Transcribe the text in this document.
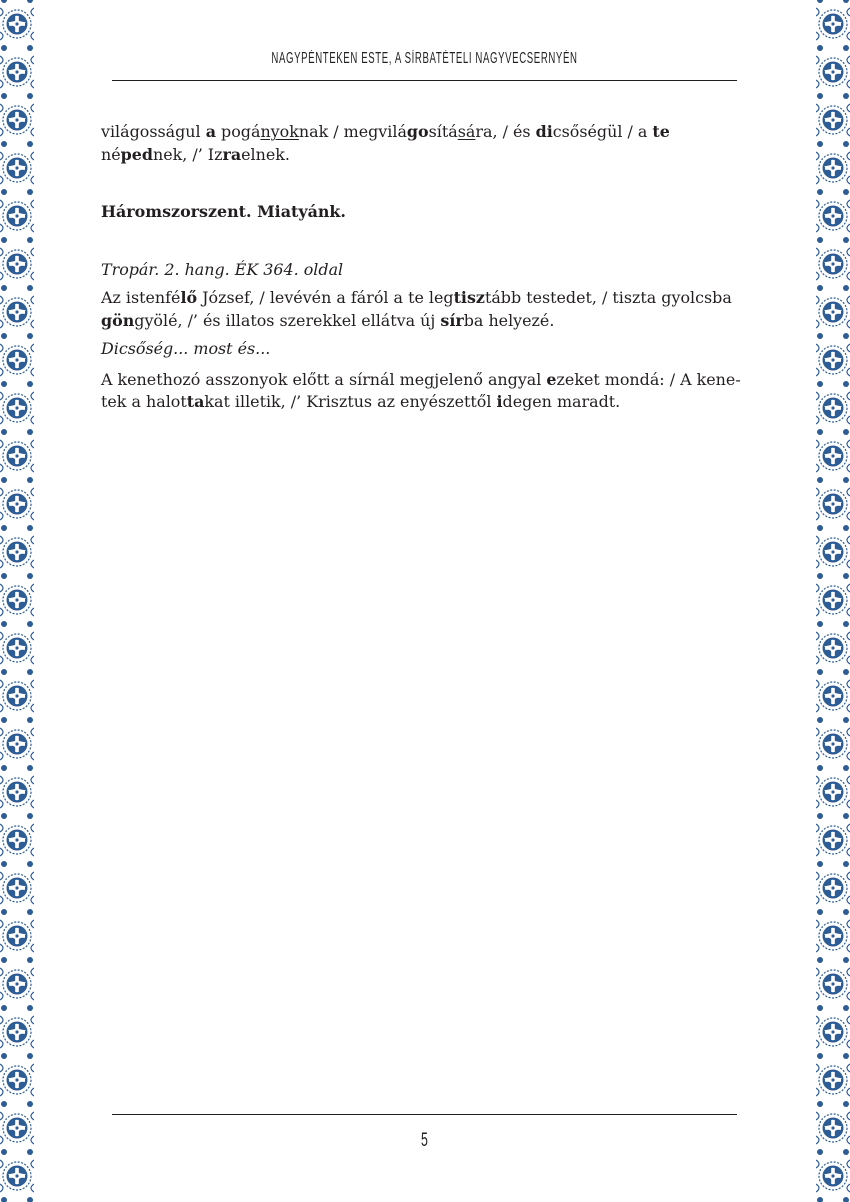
NAGYPÉNTEKEN ESTE, A SÍRBATÉTELI NAGYVECSERNYÉN

világosságul a pogányoknak / megvilágosítására, / és dicsőségül / a te
népednek, /’ Izraelnek.

Háromszorszent. Miatyánk.

Tropár. 2. hang. ÉK 364. oldal

Az istenfélő József, / levévén a fáról a te legtisztább testedet, / tiszta gyolcsba
göngyölé, /’ és illatos szerekkel ellátva új sírba helyezé.

Dicsőség... most és...

A kenethozó asszonyok előtt a sírnál megjelenő angyal ezeket mondá: / A kene-
tek a halottakat illetik, /’ Krisztus az enyészettől idegen maradt.

5
